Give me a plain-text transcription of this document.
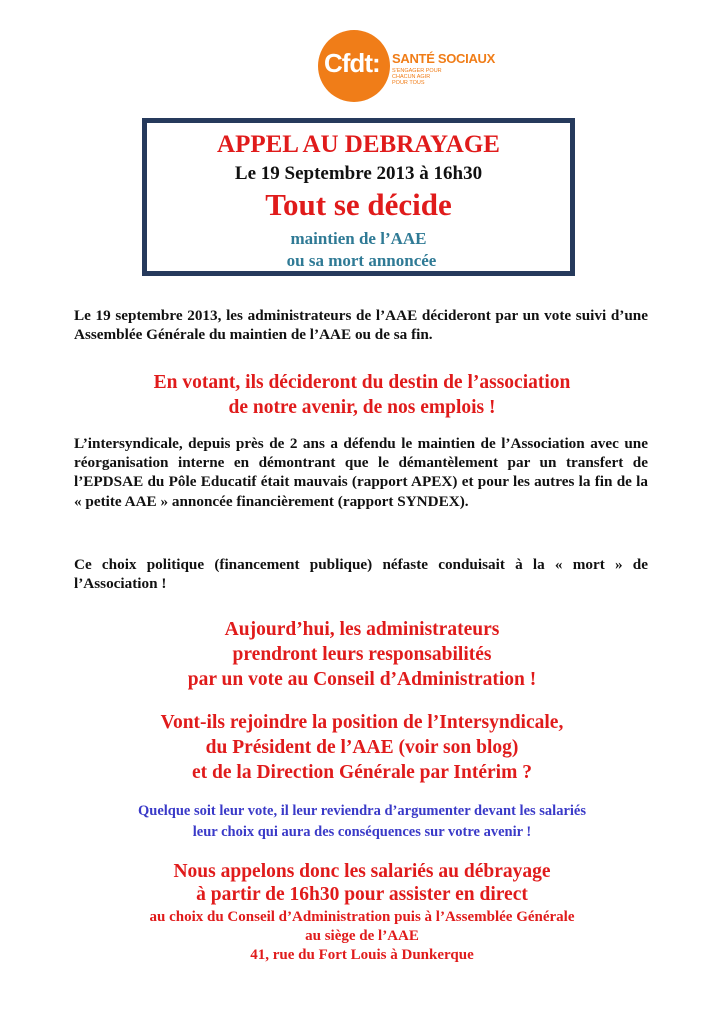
Cfdt: SANTÉ SOCIAUX
S'ENGAGER POUR CHACUN AGIR POUR TOUS
APPEL AU DEBRAYAGE
Le 19 Septembre 2013 à 16h30
Tout se décide
maintien de l’AAE
ou sa mort annoncée

Le 19 septembre 2013, les administrateurs de l’AAE décideront par un vote suivi d’une Assemblée Générale du maintien de l’AAE ou de sa fin.

En votant, ils décideront du destin de l’association
de notre avenir, de nos emplois !

L’intersyndicale, depuis près de 2 ans a défendu le maintien de l’Association avec une réorganisation interne en démontrant que le démantèlement par un transfert de l’EPDSAE du Pôle Educatif était mauvais (rapport APEX) et pour les autres la fin de la « petite AAE » annoncée financièrement (rapport SYNDEX).

Ce choix politique (financement publique) néfaste conduisait à la « mort » de l’Association !

Aujourd’hui, les administrateurs
prendront leurs responsabilités
par un vote au Conseil d’Administration !
Vont-ils rejoindre la position de l’Intersyndicale,
du Président de l’AAE (voir son blog)
et de la Direction Générale par Intérim ?
Quelque soit leur vote, il leur reviendra d’argumenter devant les salariés
leur choix qui aura des conséquences sur votre avenir !
Nous appelons donc les salariés au débrayage
à partir de 16h30 pour assister en direct
au choix du Conseil d’Administration puis à l’Assemblée Générale
au siège de l’AAE
41, rue du Fort Louis à Dunkerque
